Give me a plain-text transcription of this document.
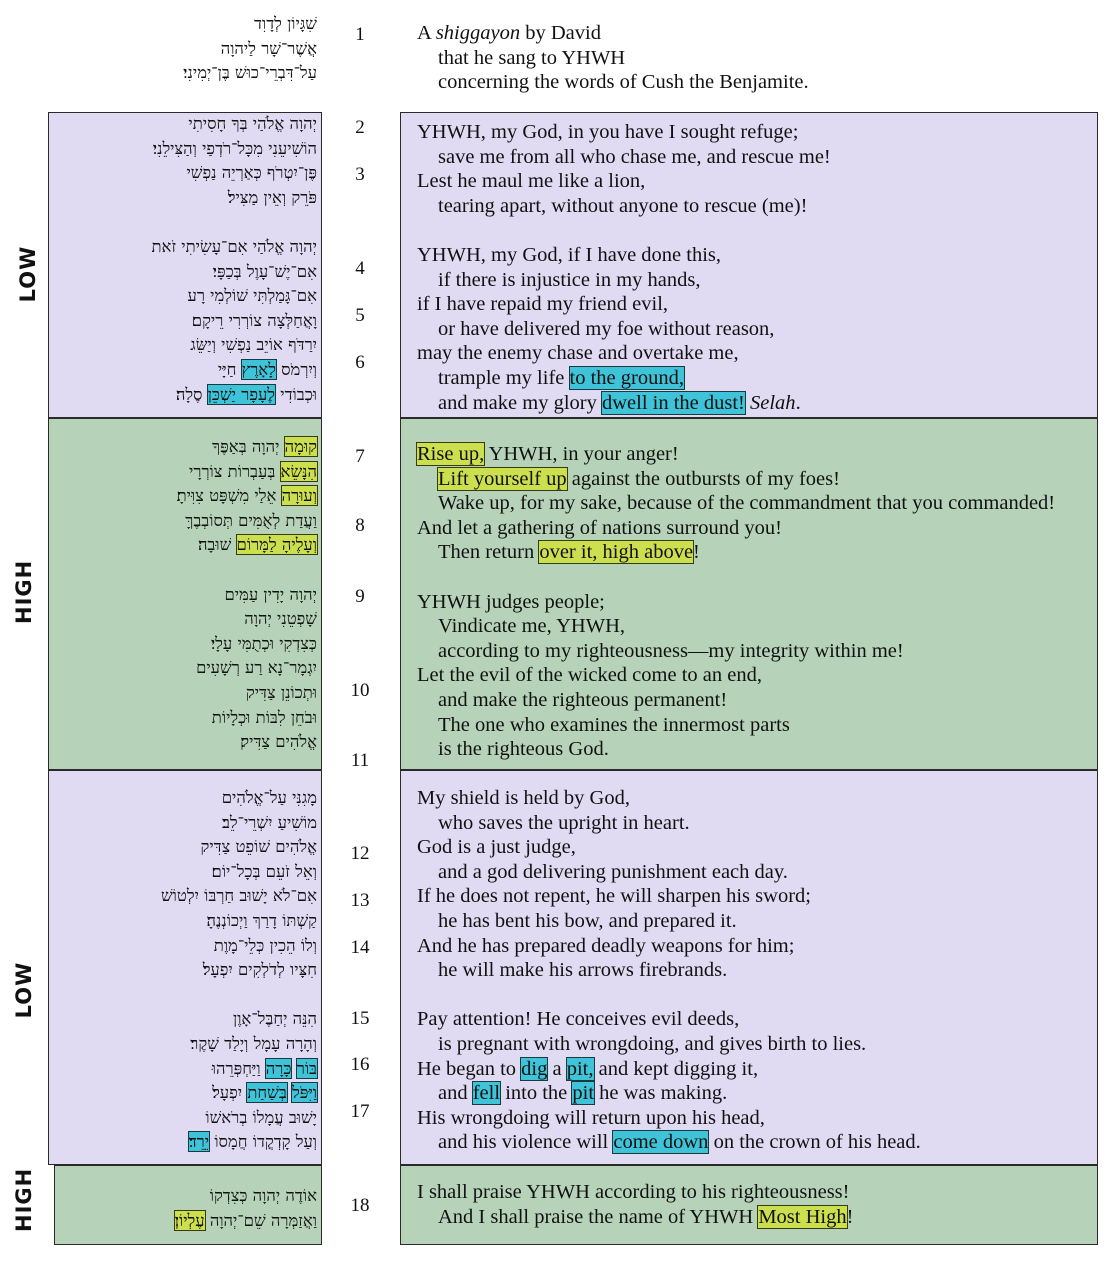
LOW
HIGH
LOW
HIGH
1
2
3
4
5
6
7
8
9
10
11
12
13
14
15
16
17
18
A shiggayon by David
that he sang to YHWH
concerning the words of Cush the Benjamite.
YHWH, my God, in you have I sought refuge;
save me from all who chase me, and rescue me!
Lest he maul me like a lion,
tearing apart, without anyone to rescue (me)!
YHWH, my God, if I have done this,
if there is injustice in my hands,
if I have repaid my friend evil,
or have delivered my foe without reason,
may the enemy chase and overtake me,
trample my life to the ground,
and make my glory dwell in the dust! Selah.
Rise up, YHWH, in your anger!
Lift yourself up against the outbursts of my foes!
Wake up, for my sake, because of the commandment that you commanded!
And let a gathering of nations surround you!
Then return over it, high above!
YHWH judges people;
Vindicate me, YHWH,
according to my righteousness—my integrity within me!
Let the evil of the wicked come to an end,
and make the righteous permanent!
The one who examines the innermost parts
is the righteous God.
My shield is held by God,
who saves the upright in heart.
God is a just judge,
and a god delivering punishment each day.
If he does not repent, he will sharpen his sword;
he has bent his bow, and prepared it.
And he has prepared deadly weapons for him;
he will make his arrows firebrands.
Pay attention! He conceives evil deeds,
is pregnant with wrongdoing, and gives birth to lies.
He began to dig a pit, and kept digging it,
and fell into the pit he was making.
His wrongdoing will return upon his head,
and his violence will come down on the crown of his head.
I shall praise YHWH according to his righteousness!
And I shall praise the name of YHWH Most High!
שִׁגָּיוֹן לְדָוִד
אֲשֶׁר־שָׁר לַיהוָה
עַל־דִּבְרֵי־כוּשׁ בֶּן־יְמִינִי׃
יְהוָה אֱלֹהַי בְּךָ חָסִיתִי
הוֹשִׁיעֵנִי מִכָּל־רֹדְפַי וְהַצִּילֵנִי׃
פֶּן־יִטְרֹף כְּאַרְיֵה נַפְשִׁי
פֹּרֵק וְאֵין מַצִּיל׃
יְהוָה אֱלֹהַי אִם־עָשִׂיתִי זֹאת
אִם־יֶשׁ־עָוֶל בְּכַפָּי׃
אִם־גָּמַלְתִּי שׁוֹלְמִי רָע
וָאֲחַלְּצָה צוֹרְרִי רֵיקָם׃
יִרַדֹּף אוֹיֵב נַפְשִׁי וְיַשֵּׂג
וְיִרְמֹס לָאָרֶץ חַיָּי
וּכְבוֹדִי לֶעָפָר יַשְׁכֵּן סֶלָה׃
קוּמָה יְהוָה בְּאַפֶּךָ
הִנָּשֵׂא בְּעַבְרוֹת צוֹרְרָי
וְעוּרָה אֵלַי מִשְׁפָּט צִוִּיתָ׃
וַעֲדַת לְאֻמִּים תְּסוֹבְבֶךָּ
וְעָלֶיהָ לַמָּרוֹם שׁוּבָה׃
יְהוָה יָדִין עַמִּים
שָׁפְטֵנִי יְהוָה
כְּצִדְקִי וּכְתֻמִּי עָלָי׃
יִגְמָר־נָא רַע רְשָׁעִים
וּתְכוֹנֵן צַדִּיק
וּבֹחֵן לִבּוֹת וּכְלָיוֹת
אֱלֹהִים צַדִּיק׃
מָגִנִּי עַל־אֱלֹהִים
מוֹשִׁיעַ יִשְׁרֵי־לֵב׃
אֱלֹהִים שׁוֹפֵט צַדִּיק
וְאֵל זֹעֵם בְּכָל־יוֹם׃
אִם־לֹא יָשׁוּב חַרְבּוֹ יִלְטוֹשׁ
קַשְׁתּוֹ דָרַךְ וַיְכוֹנְנֶהָ׃
וְלוֹ הֵכִין כְּלֵי־מָוֶת
חִצָּיו לְדֹלְקִים יִפְעָל׃
הִנֵּה יְחַבֶּל־אָוֶן
וְהָרָה עָמָל וְיָלַד שָׁקֶר׃
בּוֹר כָּרָה וַיַּחְפְּרֵהוּ
וַיִּפֹּל בְּשַׁחַת יִפְעָל׃
יָשׁוּב עֲמָלוֹ בְרֹאשׁוֹ
וְעַל קָדְקֳדוֹ חֲמָסוֹ יֵרֵד׃
אוֹדֶה יְהוָה כְּצִדְקוֹ
וַאֲזַמְּרָה שֵׁם־יְהוָה עֶלְיוֹן׃
